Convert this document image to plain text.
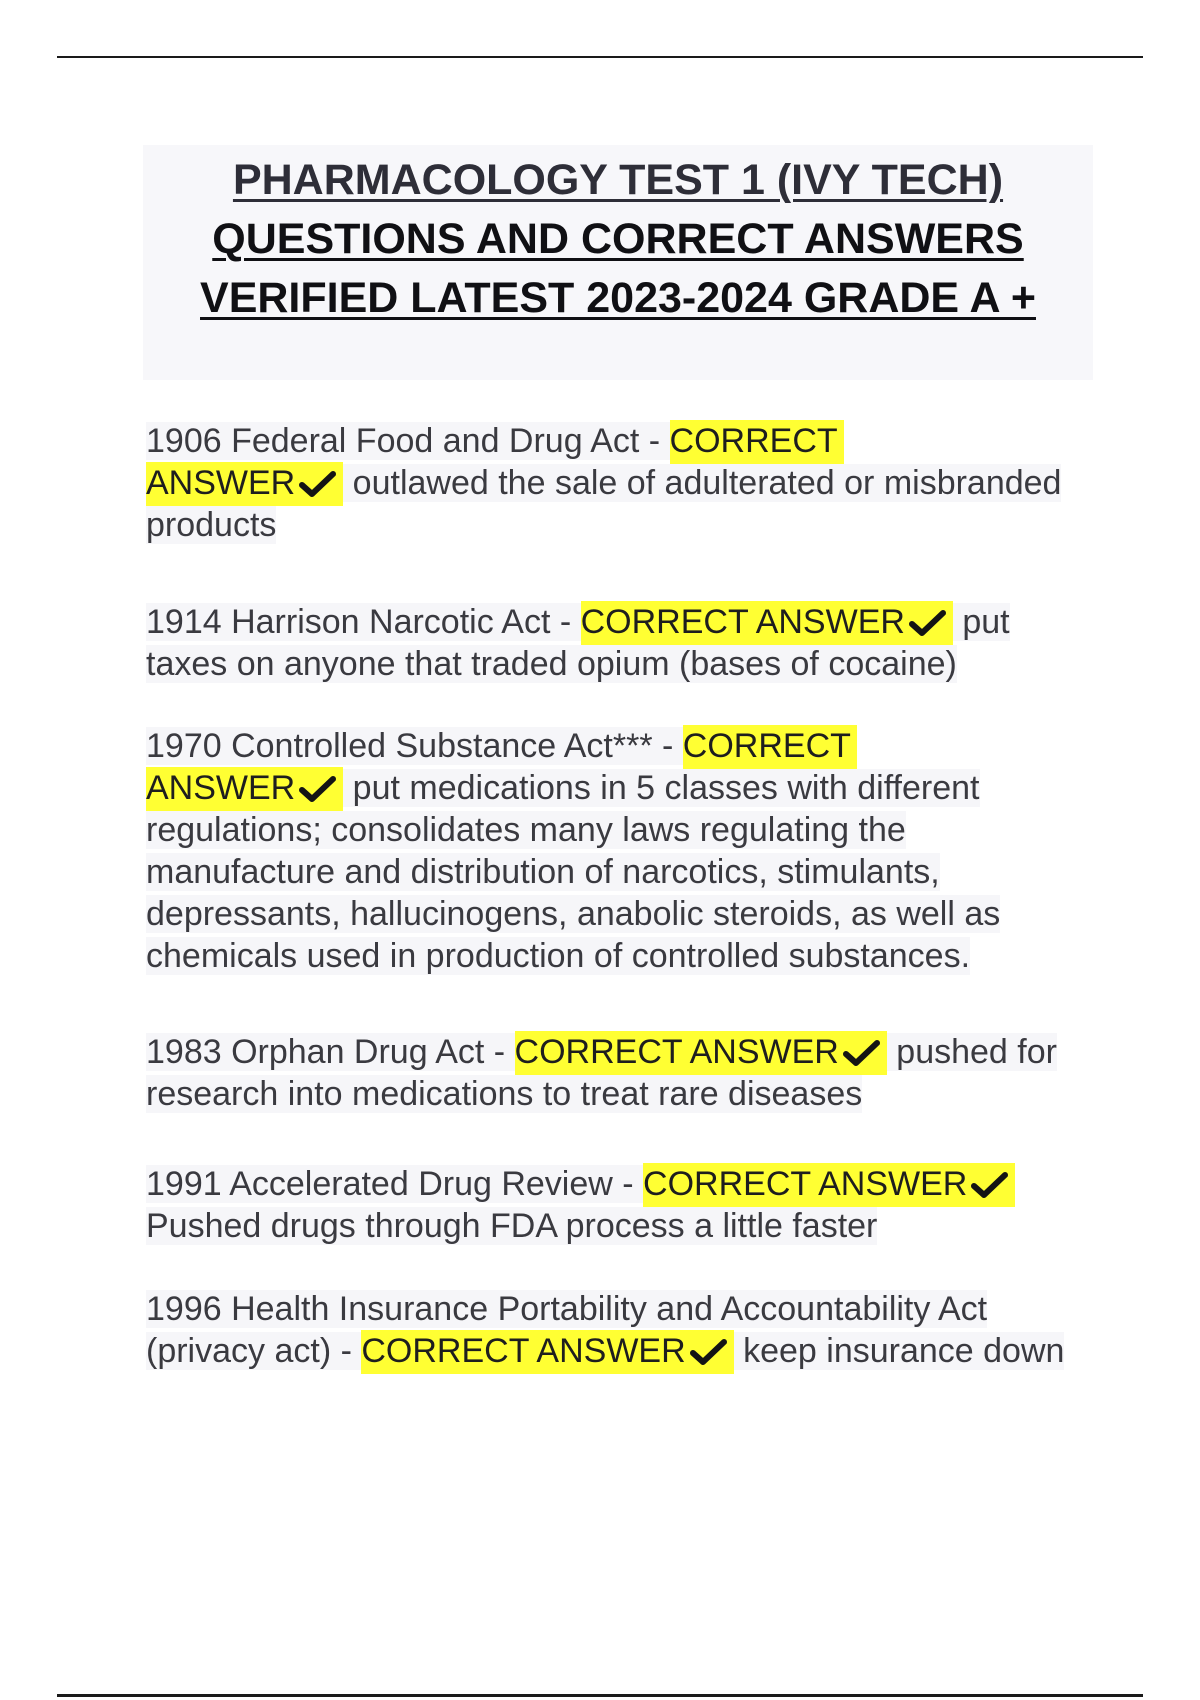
PHARMACOLOGY TEST 1 (IVY TECH)
QUESTIONS AND CORRECT ANSWERS
VERIFIED LATEST 2023-2024 GRADE A +
1906 Federal Food and Drug Act - CORRECT
ANSWER
outlawed the sale of adulterated or misbranded products
1914 Harrison Narcotic Act - CORRECT ANSWER
put taxes on anyone that traded opium (bases of cocaine)
1970 Controlled Substance Act*** - CORRECT
ANSWER
put medications in 5 classes with different regulations; consolidates many laws regulating the manufacture and distribution of narcotics, stimulants, depressants, hallucinogens, anabolic steroids, as well as chemicals used in production of controlled substances.
1983 Orphan Drug Act - CORRECT ANSWER
pushed for research into medications to treat rare diseases
1991 Accelerated Drug Review - CORRECT ANSWER

Pushed drugs through FDA process a little faster
1996 Health Insurance Portability and Accountability Act (privacy act) - CORRECT ANSWER
keep insurance down
